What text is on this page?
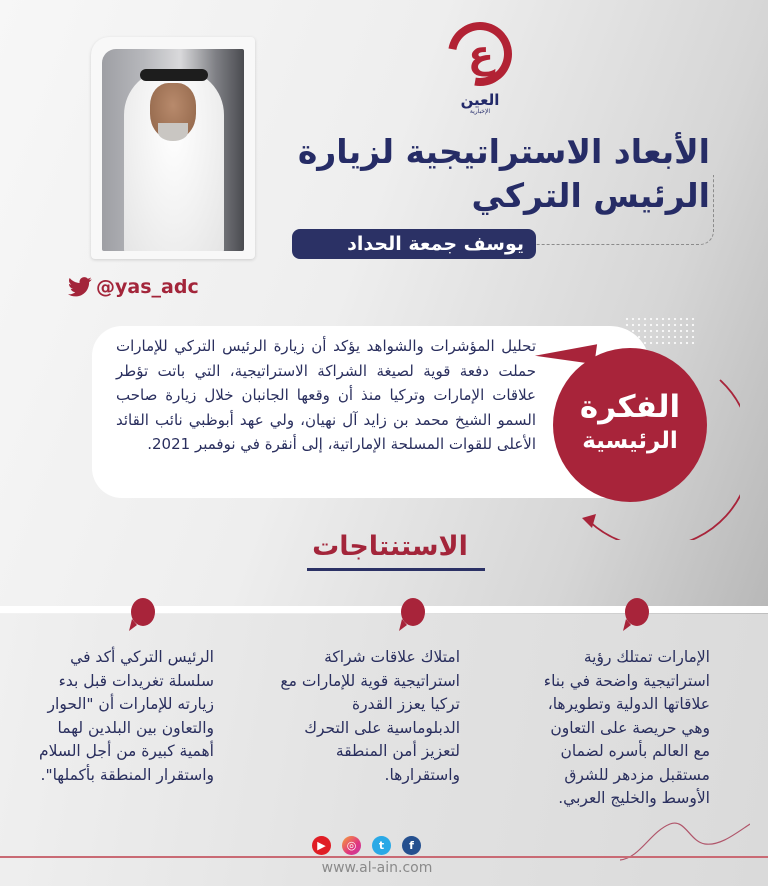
ع
العين
الإخبارية
@yas_adc
الأبعاد الاستراتيجية لزيارة
الرئيس التركي
يوسف جمعة الحداد
تحليل المؤشرات والشواهد يؤكد أن زيارة الرئيس التركي للإمارات حملت دفعة قوية لصيغة الشراكة الاستراتيجية، التي باتت تؤطر علاقات الإمارات وتركيا منذ أن وقعها الجانبان خلال زيارة صاحب السمو الشيخ محمد بن زايد آل نهيان، ولي عهد أبوظبي نائب القائد الأعلى للقوات المسلحة الإماراتية، إلى أنقرة في نوفمبر 2021.
الفكرة
الرئيسية
الاستنتاجات
الإمارات تمتلك رؤية استراتيجية واضحة في بناء علاقاتها الدولية وتطويرها، وهي حريصة على التعاون مع العالم بأسره لضمان مستقبل مزدهر للشرق الأوسط والخليج العربي.
امتلاك علاقات شراكة استراتيجية قوية للإمارات مع تركيا يعزز القدرة الدبلوماسية على التحرك لتعزيز أمن المنطقة واستقرارها.
الرئيس التركي أكد في سلسلة تغريدات قبل بدء زيارته للإمارات أن "الحوار والتعاون بين البلدين لهما أهمية كبيرة من أجل السلام واستقرار المنطقة بأكملها".
▶	◎	t	f
www.al-ain.com
